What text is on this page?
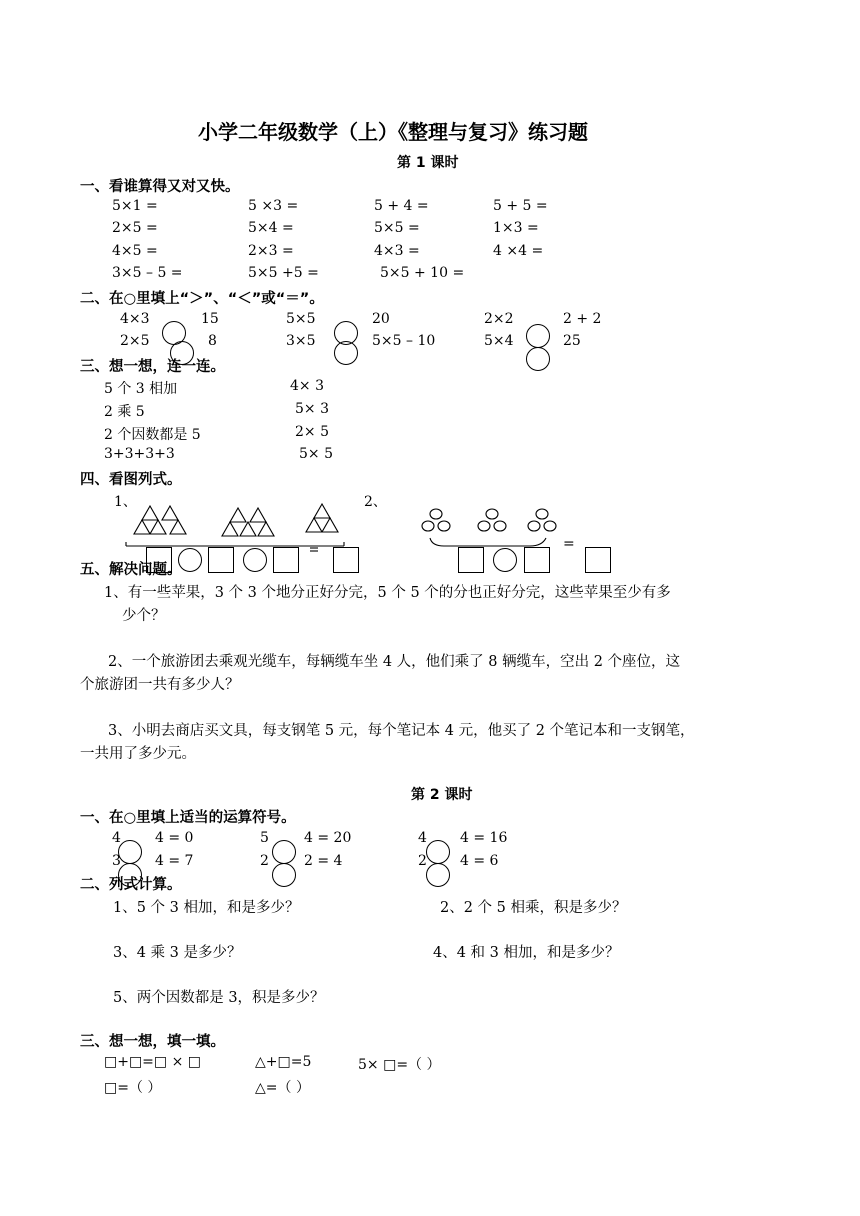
小学二年级数学（上）《整理与复习》练习题
第 1 课时
一、看谁算得又对又快。
5×1 =	5 ×3 =	5 + 4 =	5 + 5 =
2×5 =	5×4 =	5×5 =	1×3 =
4×5 =	2×3 =	4×3 =	4 ×4 =
3×5 – 5 =	5×5 +5 =	5×5 + 10 =
二、在○里填上“＞”、“＜”或“＝”。
4×3	15	5×5	20	2×2	2 + 2
2×5	8	3×5	5×5 – 10	5×4	25
三、想一想，连一连。
5 个 3 相加
2 乘 5
2 个因数都是 5
3+3+3+3
4× 3
5× 3
2× 5
5× 5
四、看图列式。
1、	2、
=
五、解决问题。
1、有一些苹果，3 个 3 个地分正好分完，5 个 5 个的分也正好分完，这些苹果至少有多
少个？
2、一个旅游团去乘观光缆车，每辆缆车坐 4 人，他们乘了 8 辆缆车，空出 2 个座位，这
个旅游团一共有多少人？
3、小明去商店买文具，每支钢笔 5 元，每个笔记本 4 元，他买了 2 个笔记本和一支钢笔，
一共用了多少元。
第 2 课时
一、在○里填上适当的运算符号。
4 4 = 0	5	4 = 20	4 4 = 16
3 4 = 7	2	2 = 4	2 4 = 6
二、列式计算。
1、5 个 3 相加，和是多少？	2、2 个 5 相乘，积是多少？
3、4 乘 3 是多少？	4、4 和 3 相加，和是多少？
5、两个因数都是 3，积是多少？
三、想一想，填一填。
□+□=□ × □	△+□=5	5× □=（ ）
□=（ ）	△=（ ）
